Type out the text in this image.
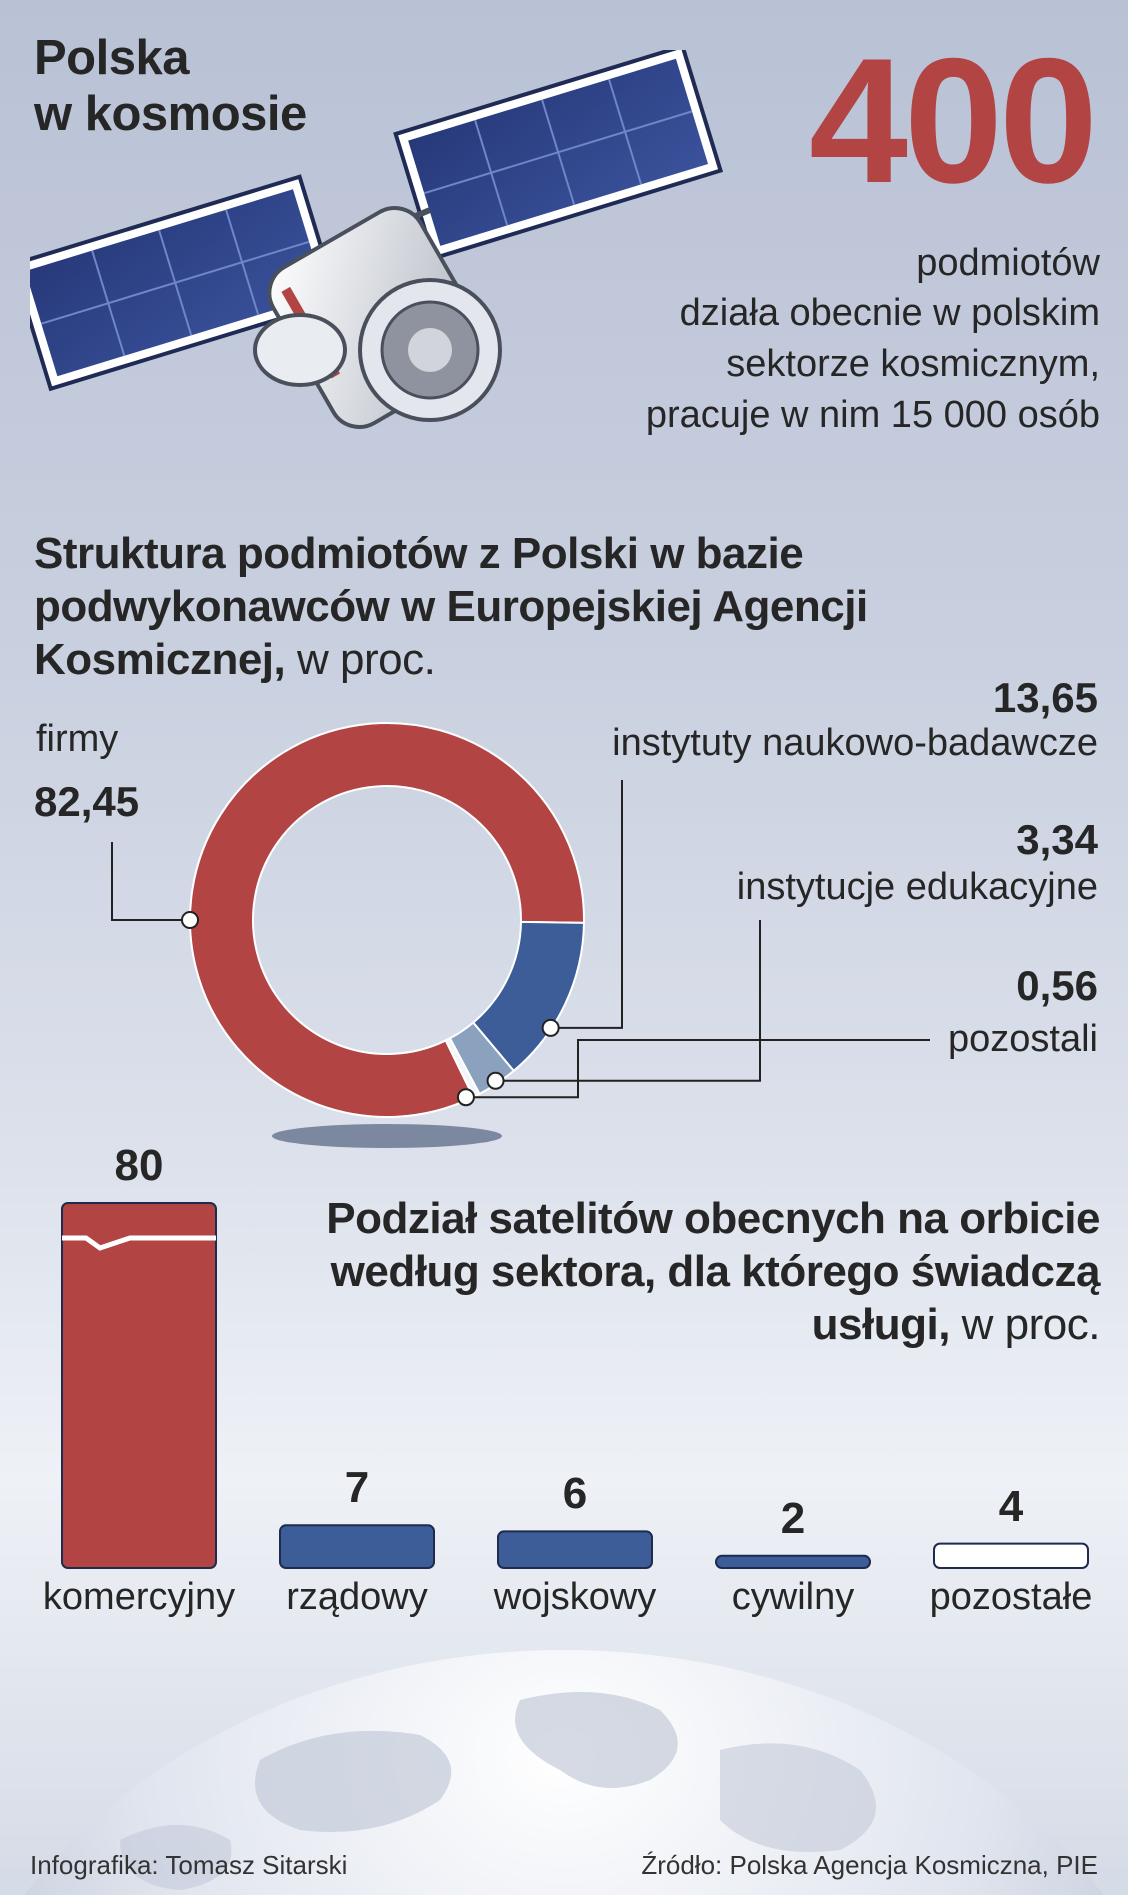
Polska
w kosmosie	400
podmiotów
działa obecnie w polskim
sektorze kosmicznym,
pracuje w nim 15 000 osób
Struktura podmiotów z Polski w bazie
podwykonawców w Europejskiej Agencji
Kosmicznej, w proc.
firmy
82,45
13,65
instytuty naukowo-badawcze
3,34
instytucje edukacyjne
0,56
pozostali
Podział satelitów obecnych na orbicie
według sektora, dla którego świadczą
usługi, w proc.
80
komercyjny
7
rządowy
6
wojskowy
2
cywilny
4
pozostałe
Infografika: Tomasz Sitarski	Źródło: Polska Agencja Kosmiczna, PIE
